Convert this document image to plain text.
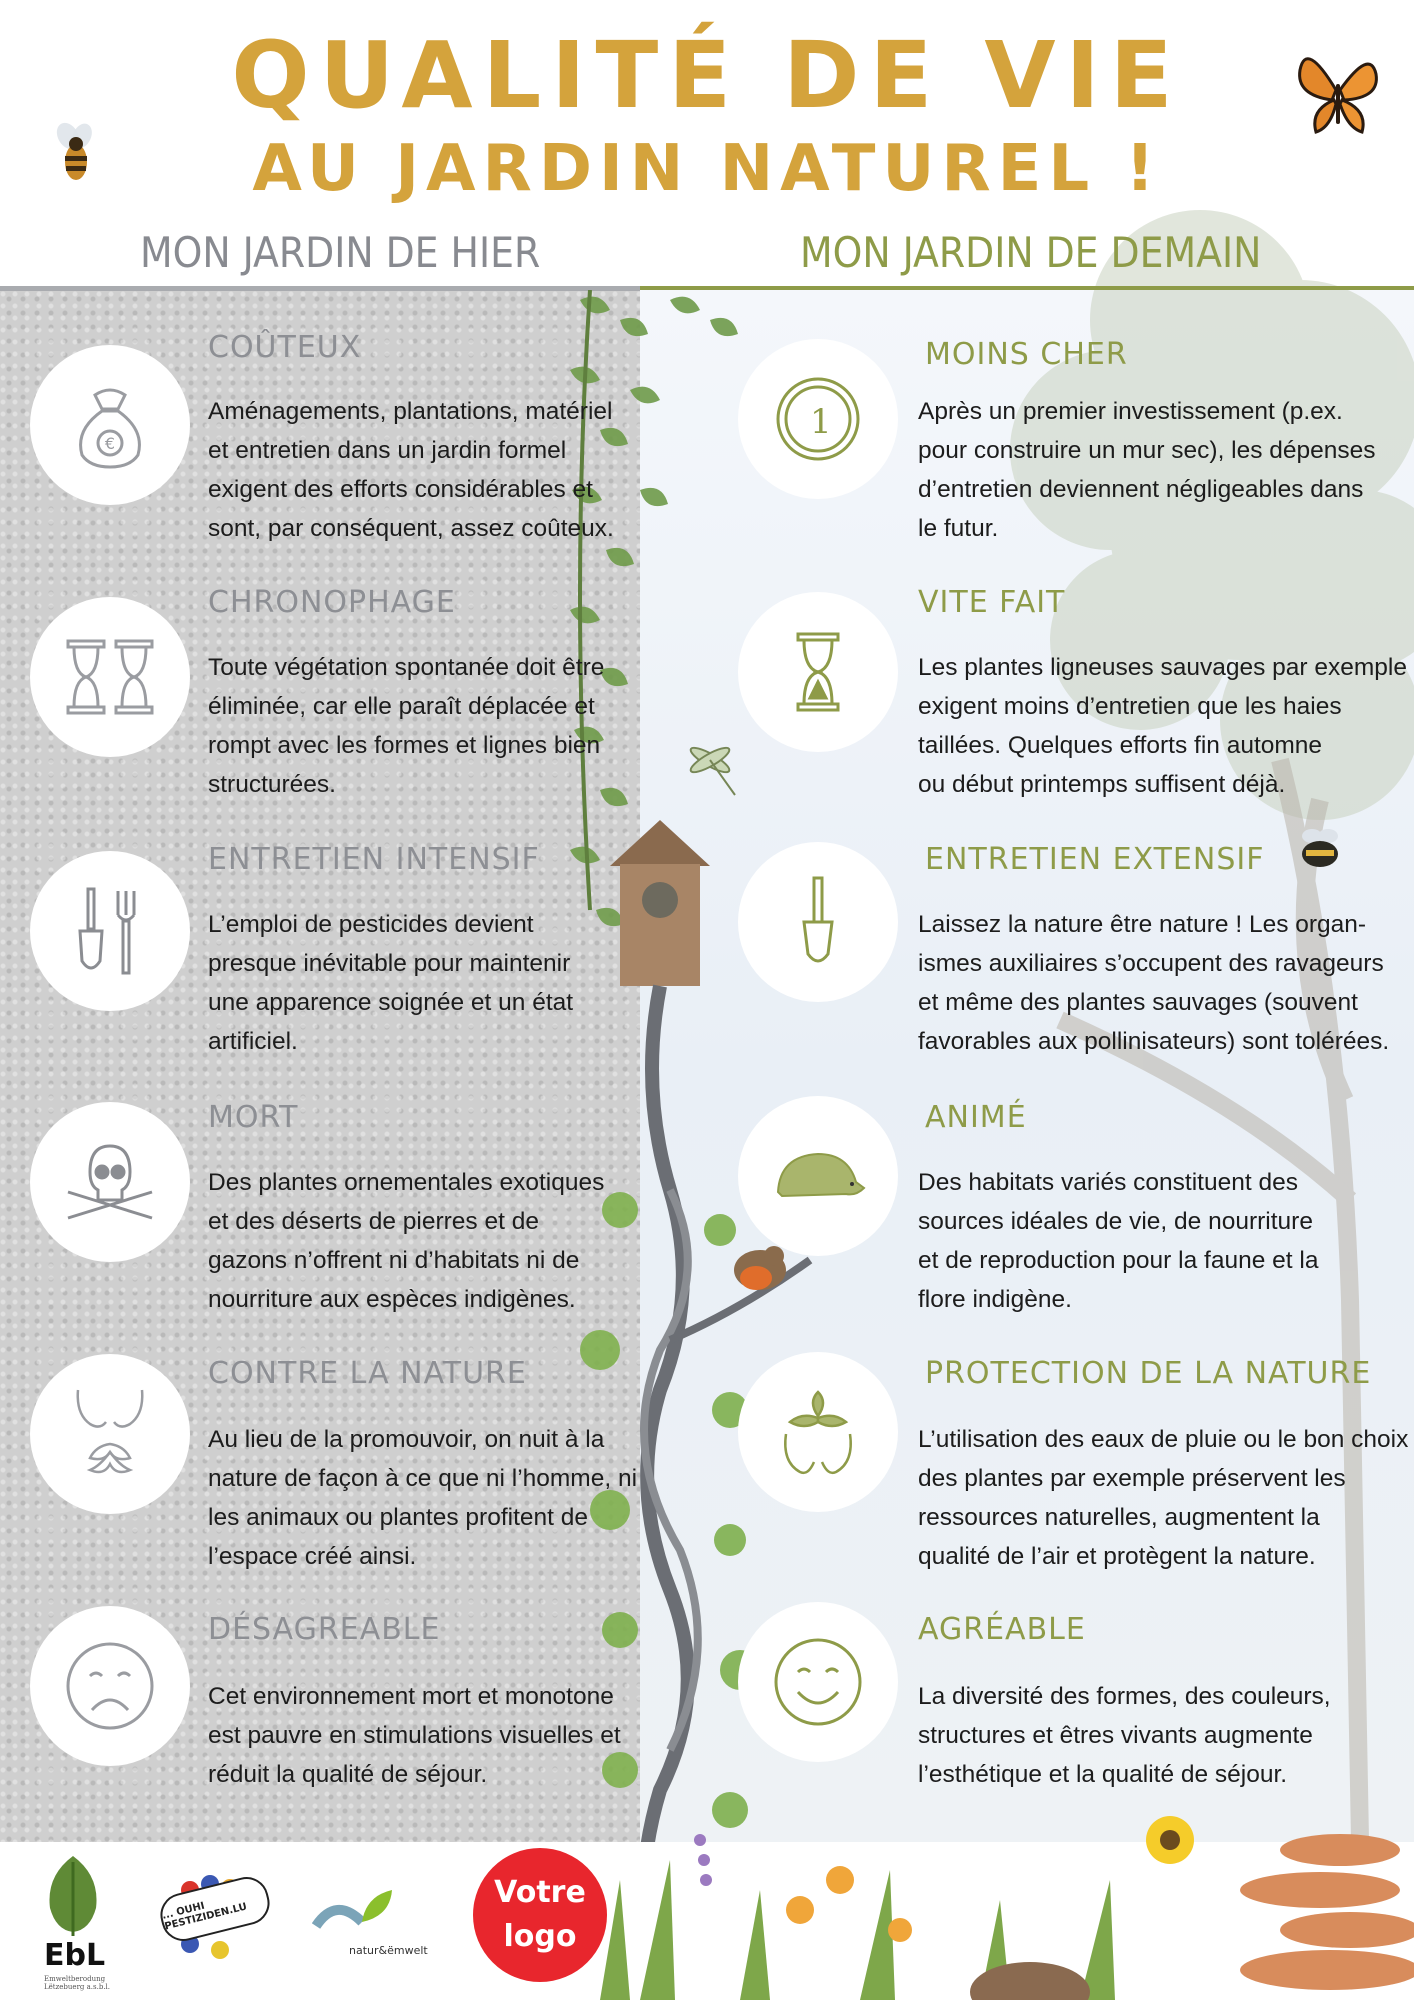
QUALITÉ DE VIE
AU JARDIN NATUREL !
MON JARDIN DE HIER	MON JARDIN DE DEMAIN
€
COÛTEUX
Aménagements, plantations, matériel
et entretien dans un jardin formel
exigent des efforts considérables et
sont, par conséquent, assez coûteux.
CHRONOPHAGE
Toute végétation spontanée doit être
éliminée, car elle paraît déplacée et
rompt avec les formes et lignes bien
structurées.
ENTRETIEN INTENSIF
L’emploi de pesticides devient
presque inévitable pour maintenir
une apparence soignée et un état
artificiel.
MORT
Des plantes ornementales exotiques
et des déserts de pierres et de
gazons n’offrent ni d’habitats ni de
nourriture aux espèces indigènes.
CONTRE LA NATURE
Au lieu de la promouvoir, on nuit à la
nature de façon à ce que ni l’homme, ni
les animaux ou plantes profitent de
l’espace créé ainsi.
DÉSAGREABLE
Cet environnement mort et monotone
est pauvre en stimulations visuelles et
réduit la qualité de séjour.
1
MOINS CHER
Après un premier investissement (p.ex.
pour construire un mur sec), les dépenses
d’entretien deviennent négligeables dans
le futur.
VITE FAIT
Les plantes ligneuses sauvages par exemple
exigent moins d’entretien que les haies
taillées. Quelques efforts fin automne
ou début printemps suffisent déjà.
ENTRETIEN EXTENSIF
Laissez la nature être nature ! Les organ-
ismes auxiliaires s’occupent des ravageurs
et même des plantes sauvages (souvent
favorables aux pollinisateurs) sont tolérées.
ANIMÉ
Des habitats variés constituent des
sources idéales de vie, de nourriture
et de reproduction pour la faune et la
flore indigène.
PROTECTION DE LA NATURE
L’utilisation des eaux de pluie ou le bon choix
des plantes par exemple préservent les
ressources naturelles, augmentent la
qualité de l’air et protègent la nature.
AGRÉABLE
La diversité des formes, des couleurs,
structures et êtres vivants augmente
l’esthétique et la qualité de séjour.
EbL
Emweltberodung
Lëtzebuerg a.s.b.l.
... OUHI PESTIZIDEN.LU
natur&ëmwelt
Votre
logo
